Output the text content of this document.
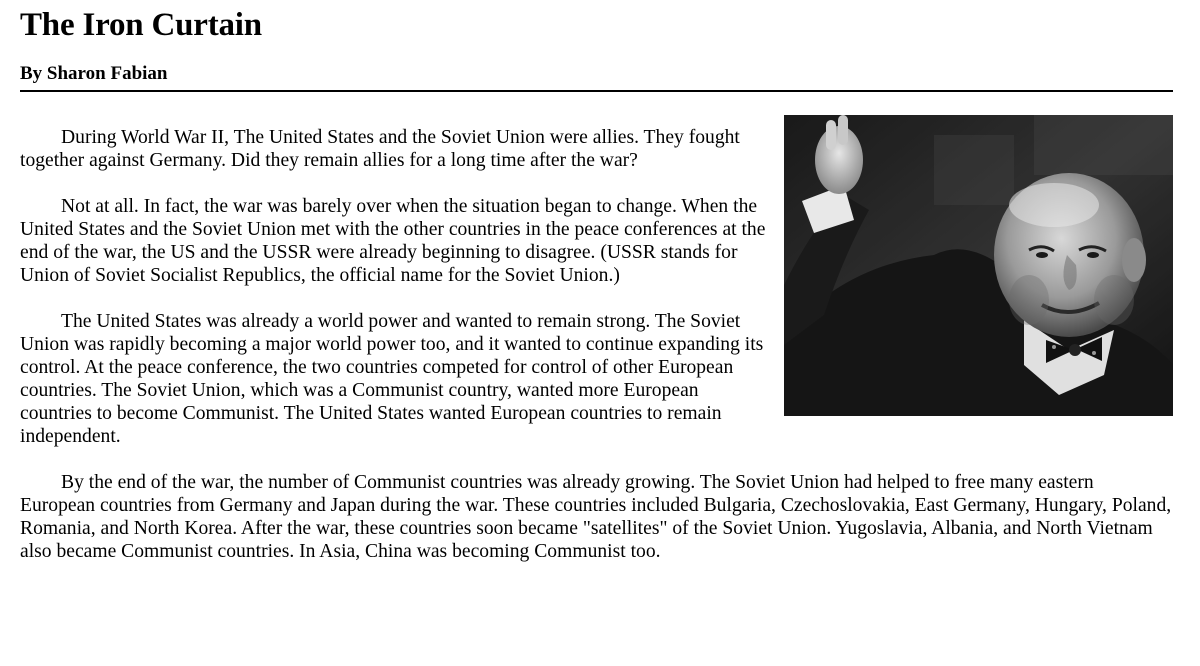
The Iron Curtain
By Sharon Fabian

During World War II, The United States and the Soviet Union were allies. They fought together against Germany. Did they remain allies for a long time after the war?

Not at all. In fact, the war was barely over when the situation began to change. When the United States and the Soviet Union met with the other countries in the peace conferences at the end of the war, the US and the USSR were already beginning to disagree. (USSR stands for Union of Soviet Socialist Republics, the official name for the Soviet Union.)

The United States was already a world power and wanted to remain strong. The Soviet Union was rapidly becoming a major world power too, and it wanted to continue expanding its control. At the peace conference, the two countries competed for control of other European countries. The Soviet Union, which was a Communist country, wanted more European countries to become Communist. The United States wanted European countries to remain independent.

By the end of the war, the number of Communist countries was already growing. The Soviet Union had helped to free many eastern European countries from Germany and Japan during the war. These countries included Bulgaria, Czechoslovakia, East Germany, Hungary, Poland, Romania, and North Korea. After the war, these countries soon became "satellites" of the Soviet Union. Yugoslavia, Albania, and North Vietnam also became Communist countries. In Asia, China was becoming Communist too.
